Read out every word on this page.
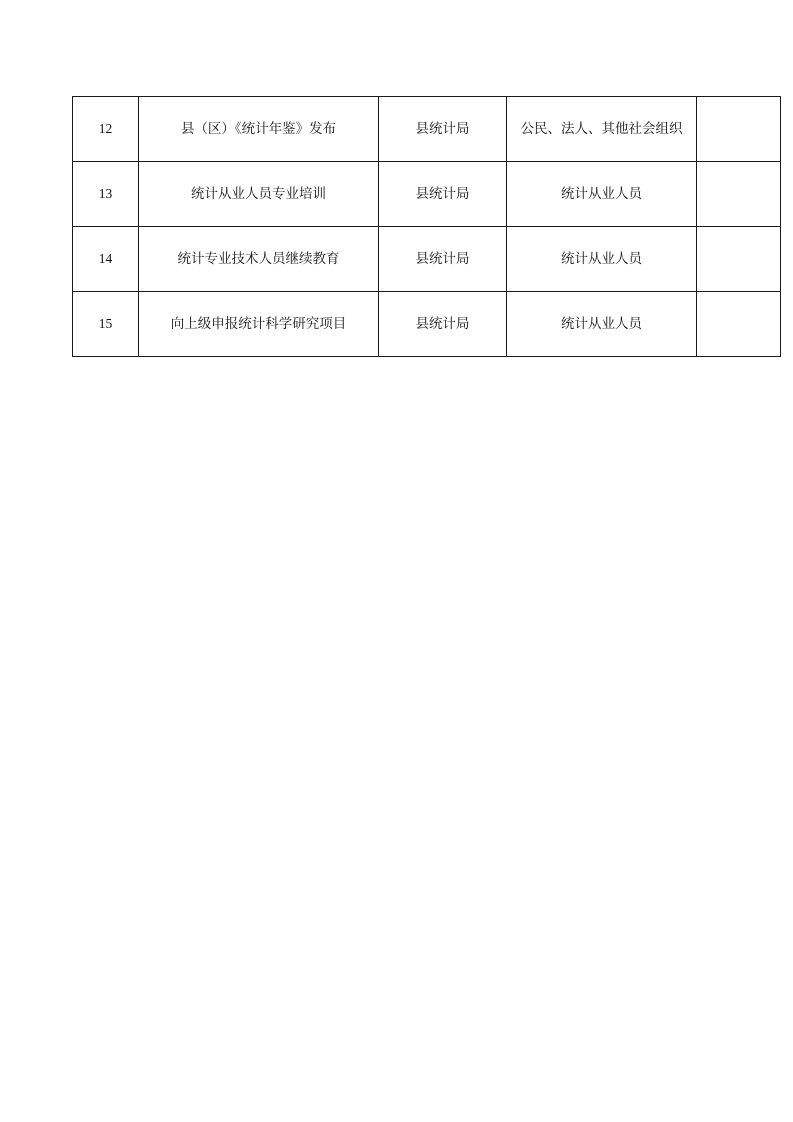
12	县（区）《统计年鉴》发布	县统计局	公民、法人、其他社会组织	
13	统计从业人员专业培训	县统计局	统计从业人员	
14	统计专业技术人员继续教育	县统计局	统计从业人员	
15	向上级申报统计科学研究项目	县统计局	统计从业人员	
